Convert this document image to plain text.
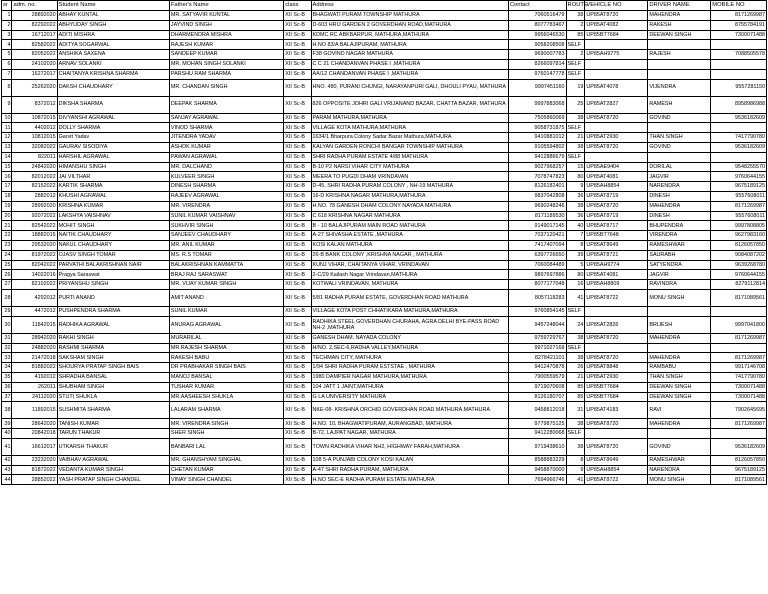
sr	adm. no.	Student Name	Father's Name	class	Address	Contact	ROUTE	VEHICLE NO	DRIVER NAME	MOBILE NO
1	28892020	ABHAY KUNTAL	MR. SATYAVIR KUNTAL	XII Sc-B	BHAGWATI PURAM TOWNSHIP MATHURA	7060516479	38	UP85AT8720	MAHENDRA	8171269987
2	82292022	ABHYUDAY SINGH	JAYVIND SINGH	XII Sc-B	D-603 HRIJ GARDEN 2 GOVERDHAN ROAD,MATHURA	8077783467	2	UP85AT4082	RAKESH	8755784191
3	16712017	ADITI MISHRA	DHARMENDRA MISHRA	XII Sc-B	KDMC RC ABKBARPUR, MATHURA,MATHURA	9956046530	85	UP85BT7684	DEEWAN SINGH	7300071488
4	82582022	ADITYA SOGARWAL	RAJESH KUMAR	XII Sc-B	H.NO 83/A BALAJIPURAM, MATHURA	9058208508	SELF			
5	82052022	ANSHIKA SAXENA	SANDEEP KUMAR	XII Sc-B	F38 GOVIND NAGAR MATHURA	9690007783	2	UP85AH9775	RAJESH	7088505578
6	24102020	ARNAV SOLANKI	MR. MOHAN SINGH SOLANKI	XII Sc-B	C C 21 CHANDANVAN PHASE I ,MATHURA	8266097814	SELF			
7	16272017	CHAITANYA KRISHNA SHARMA	PARSHU RAM SHARMA	XII Sc-B	AA/12 CHANDANVAN PHASE I ,MATHURA	9760147778	SELF			
8	25262020	DAKSH CHAUDHARY	MR. CHANDAN SINGH	XII Sc-B	HNO. 480, PURANI CHUNGI, NARAYANPURI GALI, DHOULI PYAU, MATHURA	9997451160	19	UP85AT4078	VIJENDRA	9557281150
9	8372012	DIKSHA SHARMA	DEEPAK SHARMA	XII Sc-B	826 OPPOSITE JOHRI GALI VRIJANAND BAZAR, CHATTA BAZAR, MATHURA	9997883068	25	UP85AT2827	RAMESH	8958986988
10	10872015	DIVYANSHI AGRAWAL	SANJAY AGRAWAL	XII Sc-B	PARAM MATHURA,MATHURA	7505860069	38	UP85AT8720	GOVIND	9536182609
11	4402012	DOLLY SHARMA	VINOD SHARMA	XII Sc-B	VILLAGE KOTA MATHURA,MATHURA	9058731875	SELF			
12	10812015	Garvit Yadav	JITENDRA YADAV	XII Sc-B	1634/1 Bharpura Colony Sadar Bazar Mathura,MATHURA	9410881012	21	UP85AT2930	THAN SINGH	7417790780
13	32082022	GAURAV SISODIYA	ASHOK KUMAR	XII Sc-B	KALYAN GARDEN RONCHI BANGAR TOWNSHIP MATHURA	9105594802	38	UP85AT8720	GOVIND	9536182609
14	822011	HARSHIL AGRAWAL	PAWAN AGRAWAL	XII Sc-B	SHRI RADHA PURAM ESTATE 4/88 MATHURA	9412886679	SELF			
15	24842020	HIMANSHU SINGH	MR. DALCHAND	XII Sc-B	B-10 P2 NARSI VIHAR CITY MATHURA	9027968257	15	UP85AE9404	DORILAL	9548255570
16	82012022	JAI VILTHAR	KULVEER SINGH	XII Sc-B	MEERA TO PUGDI DHAM VRINDAVAN	7078747823	80	UP85AT4081	JAGVIR	9760644155
17	82152022	KARTIK SHARMA	DINESH SHARMA	XII Sc-B	D-45, SHRI RADHA PURAM COLONY , NH-19 MATHURA	8126182401	9	UP85AH8854	NARENDRA	9675189125
18	2882012	KHUSHI AGRAWAL	RAJEEV AGRAWAL	XII Sc-B	16-D KRISHNA NAGAR MATHURA,MATHURA	9837042808	36	UP85AT8719	DINESH	9557608011
19	28992020	KRISHNA KUMAR	MR. VIRENDRA	XII Sc-B	H.NO. 78 GANESH DHAM COLONY NAYADA MATHURA	9690248246	38	UP85AT8720	MAHENDRA	8171269987
20	92072022	LAKSHYA VAISHNAV	SUNIL KUMAR VAISHNAV	XII Sc-B	C 618 KRISHNA NAGAR MATHURA	8171189530	36	UP85AT8719	DINESH	9557608011
21	82542022	MOHIT SINGH	SUKHVIR SINGH	XII Sc-B	B - 10 BALAJIPURAM MAIN ROAD MATHURA	9149017145	40	UP85AT8717	BHUPENDRA	9997808805
22	18882015	NAITIK CHAUDHARY	SANJEEV CHAUDHARY	XII Sc-B	A-27 SHIVASHA ESTATE ,MATHURA	7037120421	7	UP85BT7648	VIRENDRA	9627983160
23	29532020	NAKUL CHAUDHARY	MR. ANIL KUMAR	XII Sc-B	KOSI KALAN MATHURA	7417407094	8	UP85AT8649	RAMESHWAR	8126057850
24	81972022	OJASV SINGH TOMAR	MS. R.S TOMAR	XII Sc-B	26-B BANK COLONY ,KRISHNA NAGAR , MATHURA	6397726650	39	UP85AT8721	SAURABH	9084087202
25	82042022	PARVATHI BALAKRISHNAN NAIR	BALAKRISHNAN KAMMATTA	XII Sc-B	KUNJ VIHAR, CHAITANYA VIHAR, VRINDAVAN	7060084489	5	UP85AH9774	SATYENDRA	9639268780
26	14022016	Pragya Saraswat	BRAJ RAJ SARASWAT	XII Sc-B	2-C/29 Kailash Nagar Vrindavan,MATHURA	9897697886	80	UP85AT4081	JAGVIR	9760644155
27	82102022	PRIYANSHU SINGH	MR. VIJAY KUMAR SINGH	XII Sc-B	KOTWALI VRINDAVAN, MATHURA	8077177048	16	UP85AH8809	RAVINDRA	8279112814
28	4292012	PURTI ANAND	AMIT ANAND	XII Sc-B	5/81 RADHA PURAM ESTATE, GOVERDHAN ROAD MATHURA	8057118283	41	UP85AT8722	MONU SINGH	8171089561
29	4472012	PUSHPENDRA SHARMA	SUNIL KUMAR	XII Sc-B	VILLAGE KOTA POST CHHATIKARA MATHURA,MATHURA	9760854145	SELF			
30	11842015	RADHIKA AGRAWAL	ANURAG AGRAWAL	XII Sc-B	RADHIKA STEEL GOVERDHAN CHURAHA, AGRA DELHI BYE-PASS ROAD NH-2 ,MATHURA	9457248044	24	UP85AT2826	BRIJESH	9997041800
31	28942020	RAKHI SINGH	MURARILAL	XII Sc-B	GANESH DHAM, NAYADA COLONY	9759729767	38	UP85AT8720	MAHENDRA	8171269987
32	24882020	RASHMI SHARMA	MR.RAJESH SHARMA	XII Sc-B	H/NO. 2,SEC-6,RADHA VALLEY,MATHURA	9971027168	SELF			
33	21472018	SAKSHAM SINGH	RAKESH BABU	XII Sc-B	TECHMAN CITY, MATHURA	8278421101	38	UP85AT8720	MAHENDRA	8171269987
34	81882022	SHOURYA PRATAP SINGH BAIS	DR PRABHAKAR SINGH BAIS	XII Sc-B	1/94 SHRI RADHA PURAM ESTSTAE , MATHURA	9412470878	26	UP85AT8848	RAMBABU	9917146708
35	4192012	SHRADHA BANSAL	MANOJ BANSAL	XII Sc-B	1980 DAMPIER NAGAR MATHURA,MATHURA	7900559579	21	UP85AT2930	THAN SINGH	7417790780
36	262011	SHUBHAM SINGH	TUSHAR KUMAR	XII Sc-B	104 JATT 1 JAINT,MATHURA	9719070608	85	UP85BT7684	DEEWAN SINGH	7300071488
37	24112020	STUTI SHUKLA	MR.AASHEESH SHUKLA	XII Sc-B	G LA UNIVERSITY MATHURA	8126180707	85	UP85BT7684	DEEWAN SINGH	7300071488
38	11892015	SUSHMITA SHARMA	LALARAM SHARMA	XII Sc-B	NKE-08- KRISHNA ORCHID GOVERDHAN ROAD MATHURA,MATHURA	9458812018	31	UP85AT4183	RAVI	7902645695
39	28642020	TANISH KUMAR	MR. VIRENDRA SINGH	XII Sc-B	H.NO. 10, BHAGWATIPURAM, AURANGBAD, MATHURA	9779875125	38	UP85AT8720	MAHENDRA	8171269987
40	20842018	TARUN THAKUR	SHER SINGH	XII Sc-B	B-72, LAJPAT NAGAR, MATHURA	9412280068	SELF			
41	16612017	UTKARSH THAKUR	BANBARI LAL	XII Sc-B	TOWN RADHIKA VIHAR NH2, HIGHWAY FARAH,MATHURA	9719438610	38	UP85AT8720	GOVIND	9536182609
42	23232020	VAIBHAV AGRAWAL	MR. GHANSHYAM SINGHAL	XII Sc-B	108 5-A PUNJABI COLONY KOSI KALAN	8588883229	8	UP85AT8649	RAMESHWAR	8126057850
43	81872022	VEDANTA KUMAR SINGH	CHETAN KUMAR	XII Sc-B	A-47 SHRI RADHA PURAM, MATHURA	9458870000	9	UP85AH8854	NARENDRA	9675189125
44	28852022	YASH PRATAP SINGH CHANDEL	VINAY SINGH CHANDEL	XII Sc-B	H.NO SEC-E RADHA PURAM ESTATE MATHURA	7694966746	41	UP85AT8722	MONU SINGH	8171089561
